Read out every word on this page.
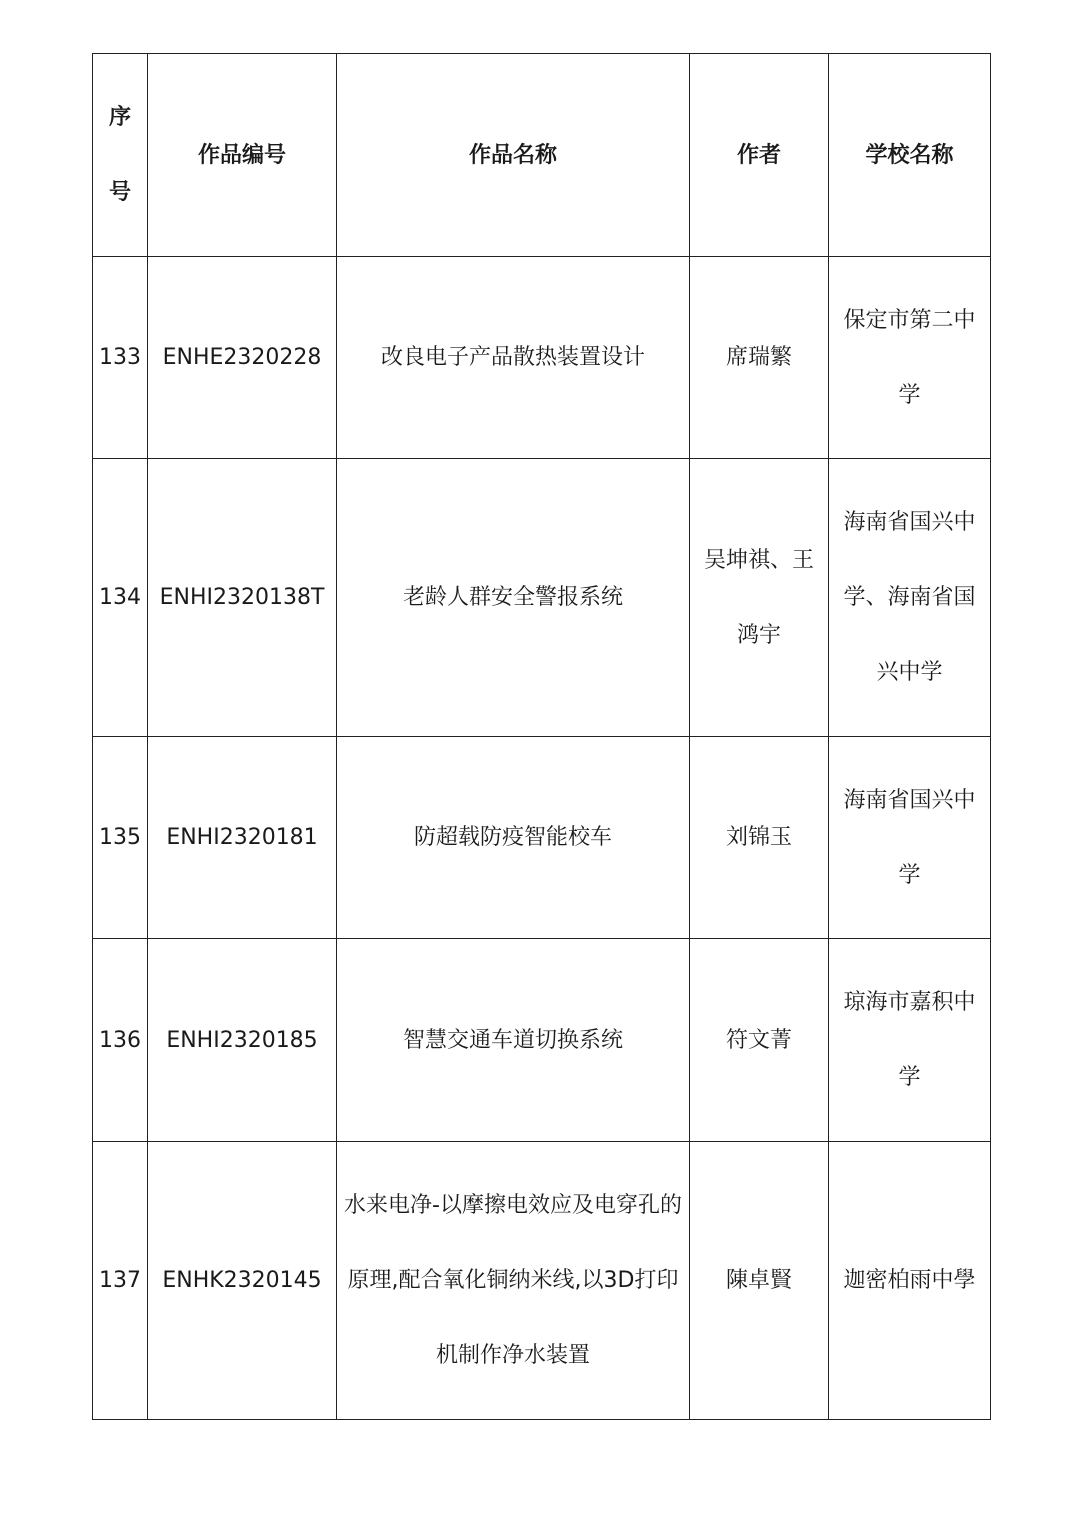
序号	作品编号	作品名称	作者	学校名称
133	ENHE2320228	改良电子产品散热装置设计	席瑞繁	保定市第二中学

134	ENHI2320138T	老龄人群安全警报系统	吴坤祺、王鸿宇	海南省国兴中学、海南省国兴中学

135	ENHI2320181	防超载防疫智能校车	刘锦玉	海南省国兴中学

136	ENHI2320185	智慧交通车道切换系统	符文菁	琼海市嘉积中学

137	ENHK2320145	水来电净-以摩擦电效应及电穿孔的原理,配合氧化铜纳米线,以3D打印机制作净水装置	陳卓賢	迦密柏雨中學
